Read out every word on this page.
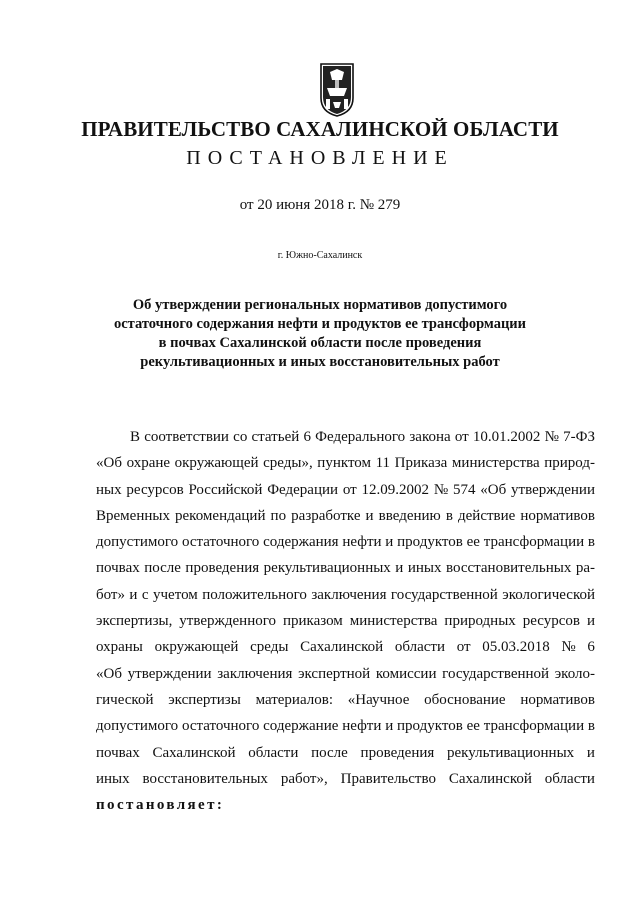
ПРАВИТЕЛЬСТВО САХАЛИНСКОЙ ОБЛАСТИ
ПОСТАНОВЛЕНИЕ
от 20 июня 2018 г. № 279
г. Южно-Сахалинск
Об утверждении региональных нормативов допустимого
остаточного содержания нефти и продуктов ее трансформации
в почвах Сахалинской области после проведения
рекультивационных и иных восстановительных работ
В соответствии со статьей 6 Федерального закона от 10.01.2002 № 7-ФЗ
«Об охране окружающей среды», пунктом 11 Приказа министерства природ-
ных ресурсов Российской Федерации от 12.09.2002 № 574 «Об утверждении
Временных рекомендаций по разработке и введению в действие нормативов
допустимого остаточного содержания нефти и продуктов ее трансформации в
почвах после проведения рекультивационных и иных восстановительных ра-
бот» и с учетом положительного заключения государственной экологической
экспертизы, утвержденного приказом министерства природных ресурсов и
охраны окружающей среды Сахалинской области от 05.03.2018 № 6
«Об утверждении заключения экспертной комиссии государственной эколо-
гической экспертизы материалов: «Научное обоснование нормативов
допустимого остаточного содержание нефти и продуктов ее трансформации в
почвах Сахалинской области после проведения рекультивационных и
иных восстановительных работ», Правительство Сахалинской области
постановляет:
